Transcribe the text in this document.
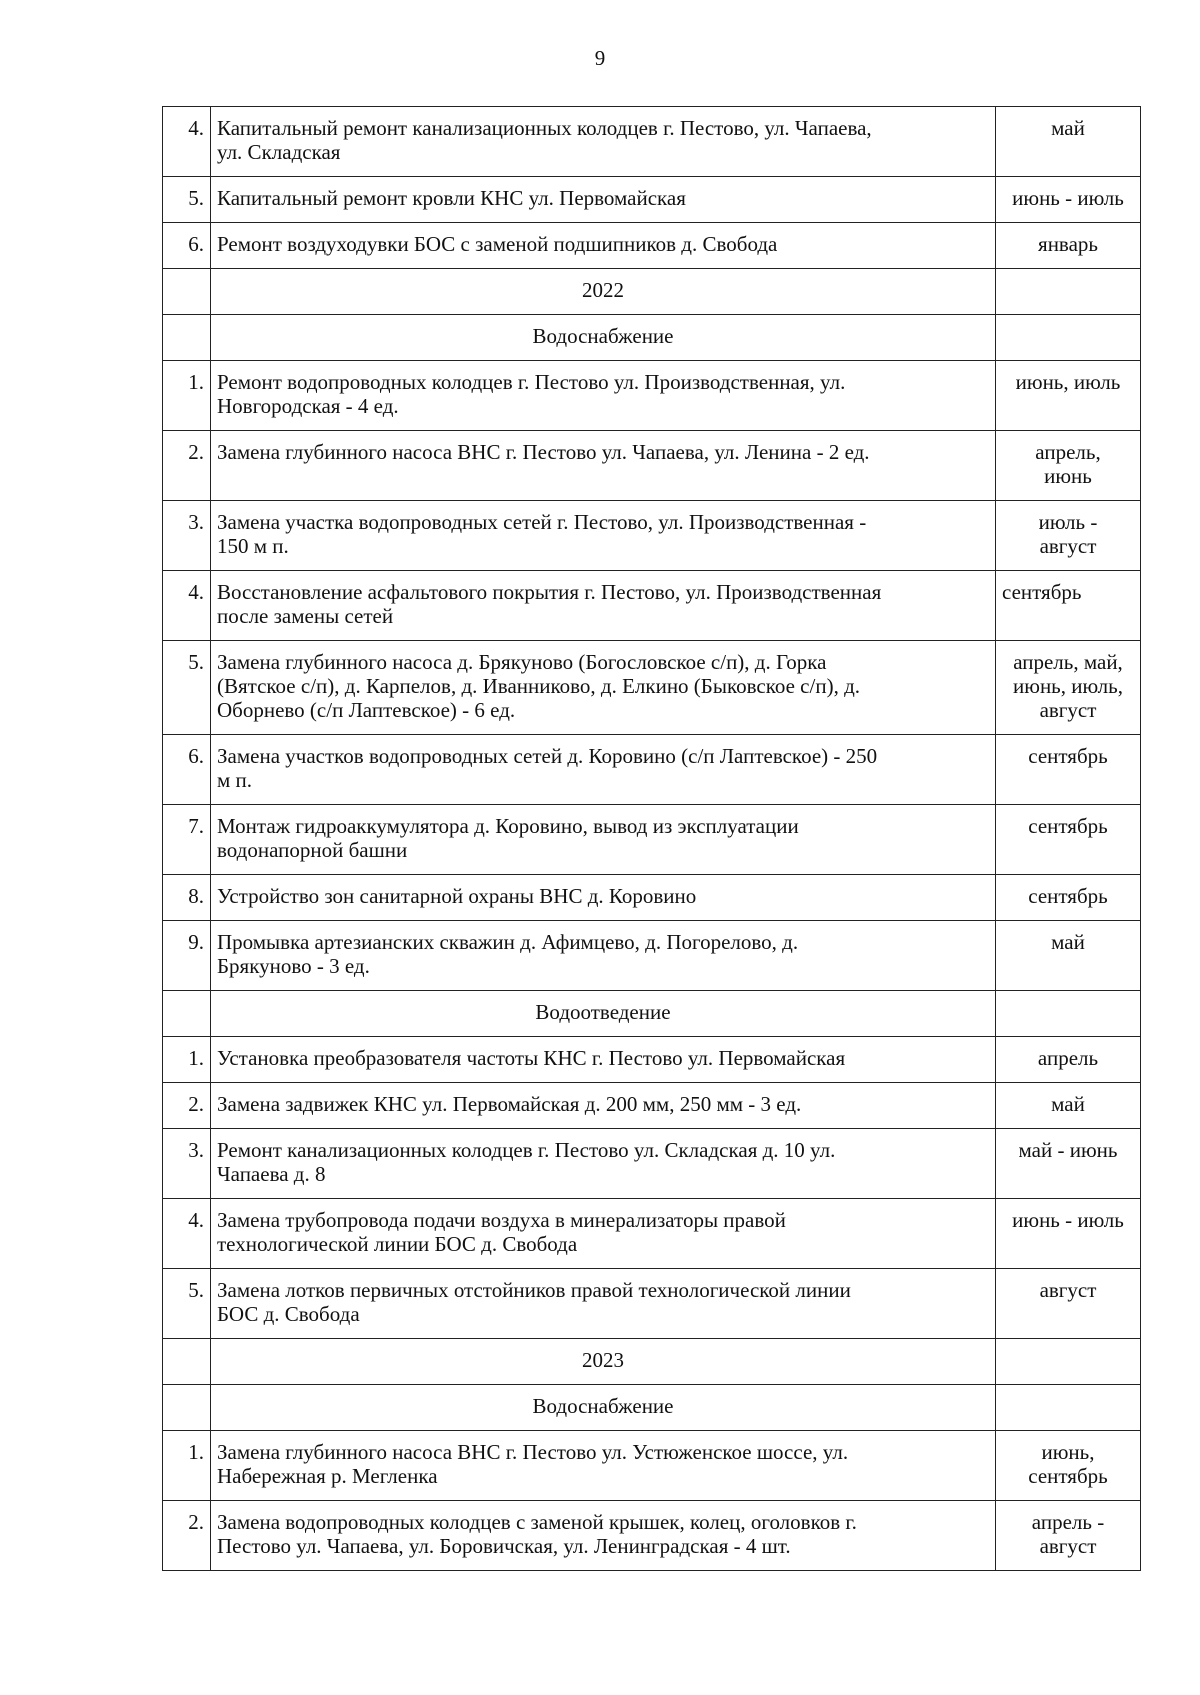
9
4.	Капитальный ремонт канализационных колодцев г. Пестово, ул. Чапаева,
ул. Складская	май
5.	Капитальный ремонт кровли КНС ул. Первомайская	июнь - июль
6.	Ремонт воздуходувки БОС с заменой подшипников д. Свобода	январь
	2022	
	Водоснабжение	
1.	Ремонт водопроводных колодцев г. Пестово ул. Производственная, ул.
Новгородская - 4 ед.	июнь, июль
2.	Замена глубинного насоса ВНС г. Пестово ул. Чапаева, ул. Ленина - 2 ед.	апрель,
июнь
3.	Замена участка водопроводных сетей г. Пестово, ул. Производственная -
150 м п.	июль -
август
4.	Восстановление асфальтового покрытия г. Пестово, ул. Производственная
после замены сетей	сентябрь
5.	Замена глубинного насоса д. Брякуново (Богословское с/п), д. Горка
(Вятское с/п), д. Карпелов, д. Иванниково, д. Елкино (Быковское с/п), д.
Оборнево (с/п Лаптевское) - 6 ед.	апрель, май,
июнь, июль,
август
6.	Замена участков водопроводных сетей д. Коровино (с/п Лаптевское) - 250
м п.	сентябрь
7.	Монтаж гидроаккумулятора д. Коровино, вывод из эксплуатации
водонапорной башни	сентябрь
8.	Устройство зон санитарной охраны ВНС д. Коровино	сентябрь
9.	Промывка артезианских скважин д. Афимцево, д. Погорелово, д.
Брякуново - 3 ед.	май
	Водоотведение	
1.	Установка преобразователя частоты КНС г. Пестово ул. Первомайская	апрель
2.	Замена задвижек КНС ул. Первомайская д. 200 мм, 250 мм - 3 ед.	май
3.	Ремонт канализационных колодцев г. Пестово ул. Складская д. 10 ул.
Чапаева д. 8	май - июнь
4.	Замена трубопровода подачи воздуха в минерализаторы правой
технологической линии БОС д. Свобода	июнь - июль
5.	Замена лотков первичных отстойников правой технологической линии
БОС д. Свобода	август
	2023	
	Водоснабжение	
1.	Замена глубинного насоса ВНС г. Пестово ул. Устюженское шоссе, ул.
Набережная р. Мегленка	июнь,
сентябрь
2.	Замена водопроводных колодцев с заменой крышек, колец, оголовков г.
Пестово ул. Чапаева, ул. Боровичская, ул. Ленинградская - 4 шт.	апрель -
август
